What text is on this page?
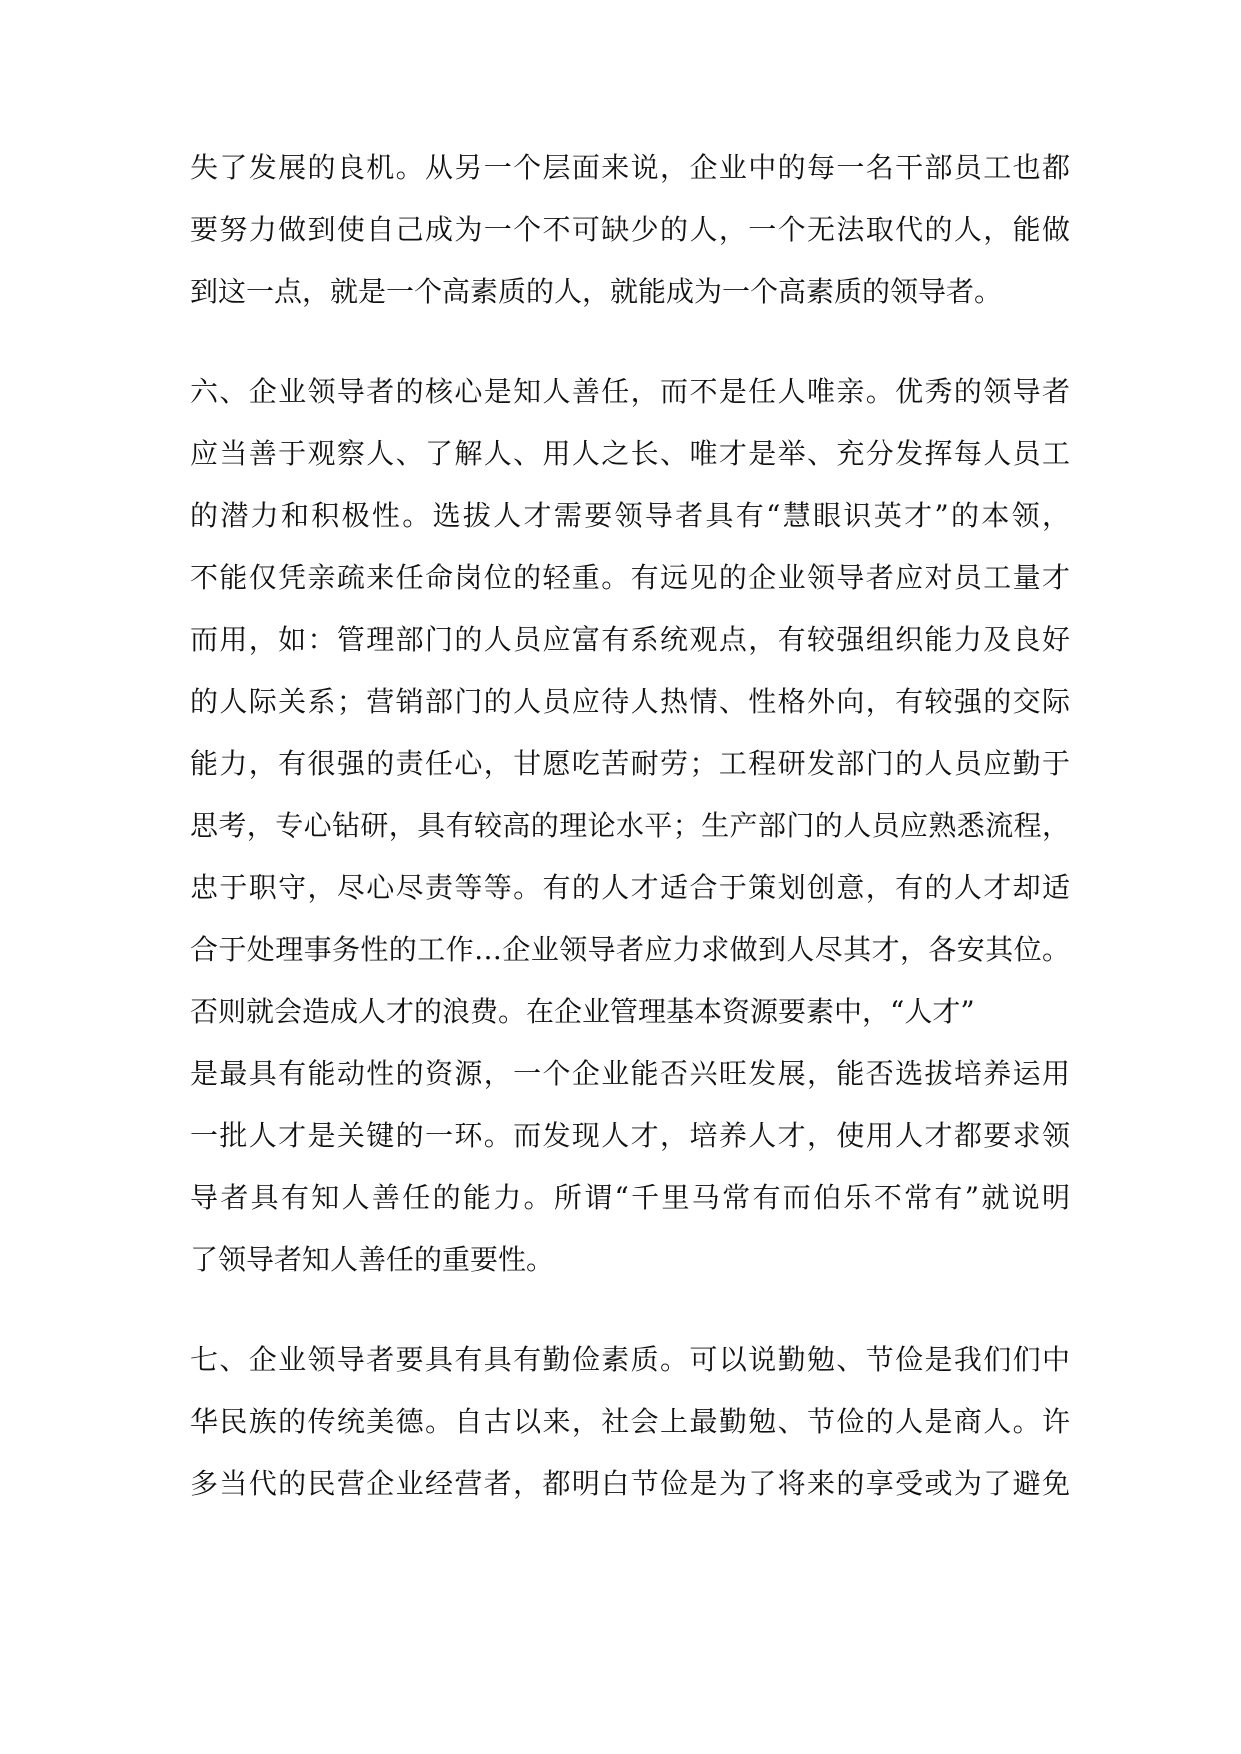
失了发展的良机。从另一个层面来说，企业中的每一名干部员工也都
要努力做到使自己成为一个不可缺少的人，一个无法取代的人，能做
到这一点，就是一个高素质的人，就能成为一个高素质的领导者。
六、企业领导者的核心是知人善任，而不是任人唯亲。优秀的领导者
应当善于观察人、了解人、用人之长、唯才是举、充分发挥每人员工
的潜力和积极性。选拔人才需要领导者具有“慧眼识英才”的本领，
不能仅凭亲疏来任命岗位的轻重。有远见的企业领导者应对员工量才
而用，如：管理部门的人员应富有系统观点，有较强组织能力及良好
的人际关系；营销部门的人员应待人热情、性格外向，有较强的交际
能力，有很强的责任心，甘愿吃苦耐劳；工程研发部门的人员应勤于
思考，专心钻研，具有较高的理论水平；生产部门的人员应熟悉流程，
忠于职守，尽心尽责等等。有的人才适合于策划创意，有的人才却适
合于处理事务性的工作…企业领导者应力求做到人尽其才，各安其位。
否则就会造成人才的浪费。在企业管理基本资源要素中，“人才”
是最具有能动性的资源，一个企业能否兴旺发展，能否选拔培养运用
一批人才是关键的一环。而发现人才，培养人才，使用人才都要求领
导者具有知人善任的能力。所谓“千里马常有而伯乐不常有”就说明
了领导者知人善任的重要性。
七、企业领导者要具有具有勤俭素质。可以说勤勉、节俭是我们们中
华民族的传统美德。自古以来，社会上最勤勉、节俭的人是商人。许
多当代的民营企业经营者，都明白节俭是为了将来的享受或为了避免
